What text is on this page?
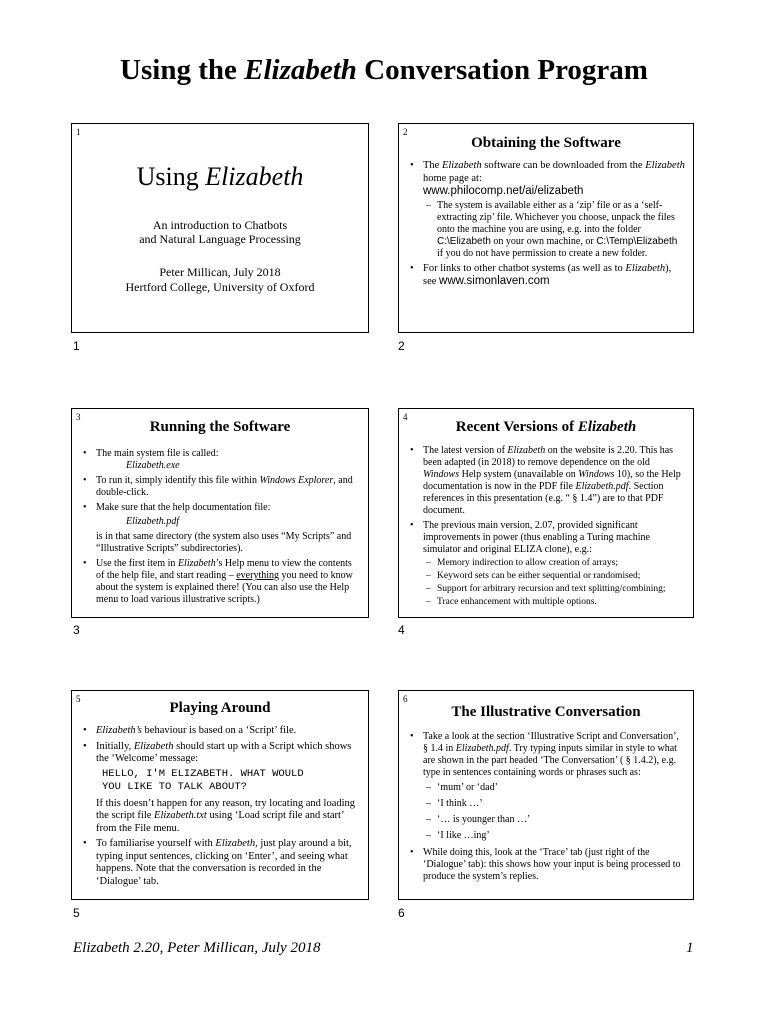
Using the Elizabeth Conversation Program
1
Using Elizabeth
An introduction to Chatbots
and Natural Language Processing
Peter Millican, July 2018
Hertford College, University of Oxford
1
2
Obtaining the Software
• The Elizabeth software can be downloaded from the Elizabeth home page at:
www.philocomp.net/ai/elizabeth
– The system is available either as a ‘zip’ file or as a ‘self-extracting zip’ file. Whichever you choose, unpack the files onto the machine you are using, e.g. into the folder C:\Elizabeth on your own machine, or C:\Temp\Elizabeth if you do not have permission to create a new folder.
• For links to other chatbot systems (as well as to Elizabeth), see www.simonlaven.com
2
3
Running the Software
• The main system file is called:
Elizabeth.exe
• To run it, simply identify this file within Windows Explorer, and double-click.
• Make sure that the help documentation file:
Elizabeth.pdf
is in that same directory (the system also uses “My Scripts” and “Illustrative Scripts” subdirectories).
• Use the first item in Elizabeth’s Help menu to view the contents of the help file, and start reading – everything you need to know about the system is explained there! (You can also use the Help menu to load various illustrative scripts.)
3
4
Recent Versions of Elizabeth
• The latest version of Elizabeth on the website is 2.20. This has been adapted (in 2018) to remove dependence on the old Windows Help system (unavailable on Windows 10), so the Help documentation is now in the PDF file Elizabeth.pdf. Section references in this presentation (e.g. “ § 1.4”) are to that PDF document.
• The previous main version, 2.07, provided significant improvements in power (thus enabling a Turing machine simulator and original ELIZA clone), e.g.:
– Memory indirection to allow creation of arrays;
– Keyword sets can be either sequential or randomised;
– Support for arbitrary recursion and text splitting/combining;
– Trace enhancement with multiple options.
4
5
Playing Around
• Elizabeth’s behaviour is based on a ‘Script’ file.
• Initially, Elizabeth should start up with a Script which shows the ‘Welcome’ message:
HELLO, I'M ELIZABETH. WHAT WOULD
YOU LIKE TO TALK ABOUT?
If this doesn’t happen for any reason, try locating and loading the script file Elizabeth.txt using ‘Load script file and start’ from the File menu.
• To familiarise yourself with Elizabeth, just play around a bit, typing input sentences, clicking on ‘Enter’, and seeing what happens. Note that the conversation is recorded in the ‘Dialogue’ tab.
5
6
The Illustrative Conversation
• Take a look at the section ‘Illustrative Script and Conversation’, § 1.4 in Elizabeth.pdf. Try typing inputs similar in style to what are shown in the part headed ‘The Conversation’ ( § 1.4.2), e.g. type in sentences containing words or phrases such as:
– ‘mum’ or ‘dad’
– ‘I think …’
– ‘… is younger than …’
– ‘I like …ing’
• While doing this, look at the ‘Trace’ tab (just right of the ‘Dialogue’ tab): this shows how your input is being processed to produce the system’s replies.
6
Elizabeth 2.20, Peter Millican, July 2018	1
